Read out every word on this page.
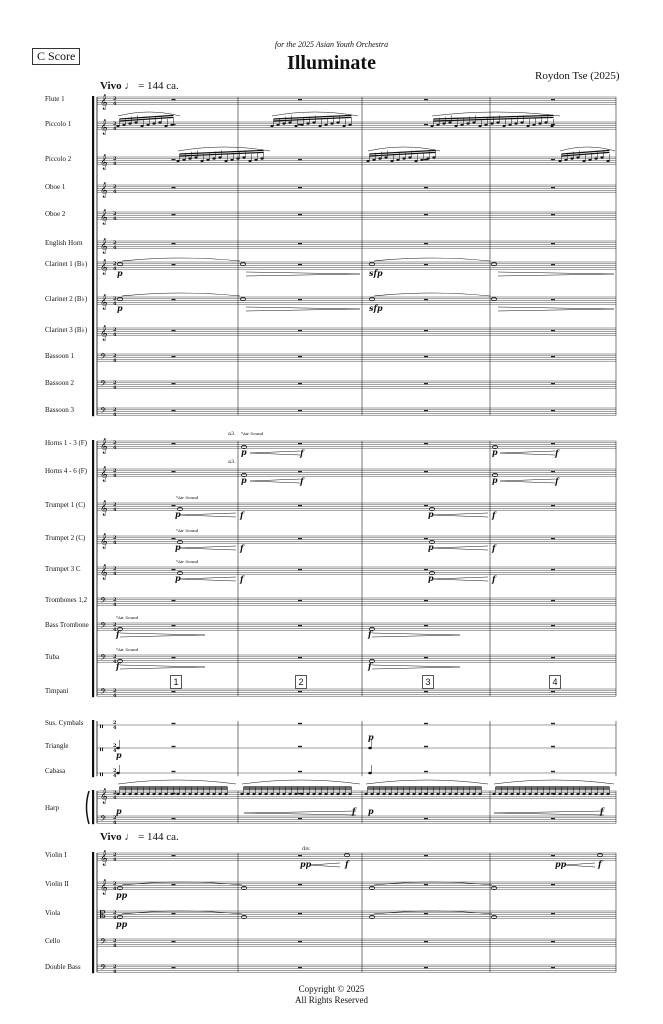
C Score
for the 2025 Asian Youth Orchestra
Illuminate
Roydon Tse (2025)
Vivo ♩ = 144 ca.
Vivo ♩ = 144 ca.
Flute 1
Piccolo 1
Piccolo 2
Oboe 1
Oboe 2
English Horn
Clarinet 1 (B♭)
Clarinet 2 (B♭)
Clarinet 3 (B♭)
Bassoon 1
Bassoon 2
Bassoon 3
Horns 1 - 3 (F)
Horns 4 - 6 (F)
Trumpet 1 (C)
Trumpet 2 (C)
Trumpet 3 C
Trombones 1,2
Bass Trombone
Tuba
Timpani
Sus. Cymbals
Triangle
Cabasa
Harp
Violin I
Violin II
Viola
Cello
Double Bass
𝄞 2
4
𝄞 2
4
𝄞 2
4
𝄞 2
4
𝄞 2
4
𝄞 2
4
𝄞 2
4
𝄞 2
4
𝄞 2
4
𝄢 2
4
𝄢 2
4
𝄢 2
4
𝄞 2
4
𝄞 2
4
𝄞 2
4
𝄞 2
4
𝄞 2
4
𝄢 2
4
𝄢 2
4
𝄢 2
4
𝄢 2
4
𝄥 2
4
𝄥 2
4
𝄥 2
4
𝄞 2
4
𝄢 2
4
𝄞 2
4
𝄞 2
4
𝄡 2
4
𝄢 2
4
𝄢 2
4
p	sfp
p	sfp
p	f	p	f
p	f	p	f
a3.
a3.
*Air Sound
p	f	p	f
*Air Sound
p	f	p	f
*Air Sound
p	f	p	f
*Air Sound
f	f
*Air Sound
f	f
*Air Sound
p
p
p	f p	f
pp	f
div.
pp	f
pp
pp
1	2	3	4
Copyright © 2025
All Rights Reserved
